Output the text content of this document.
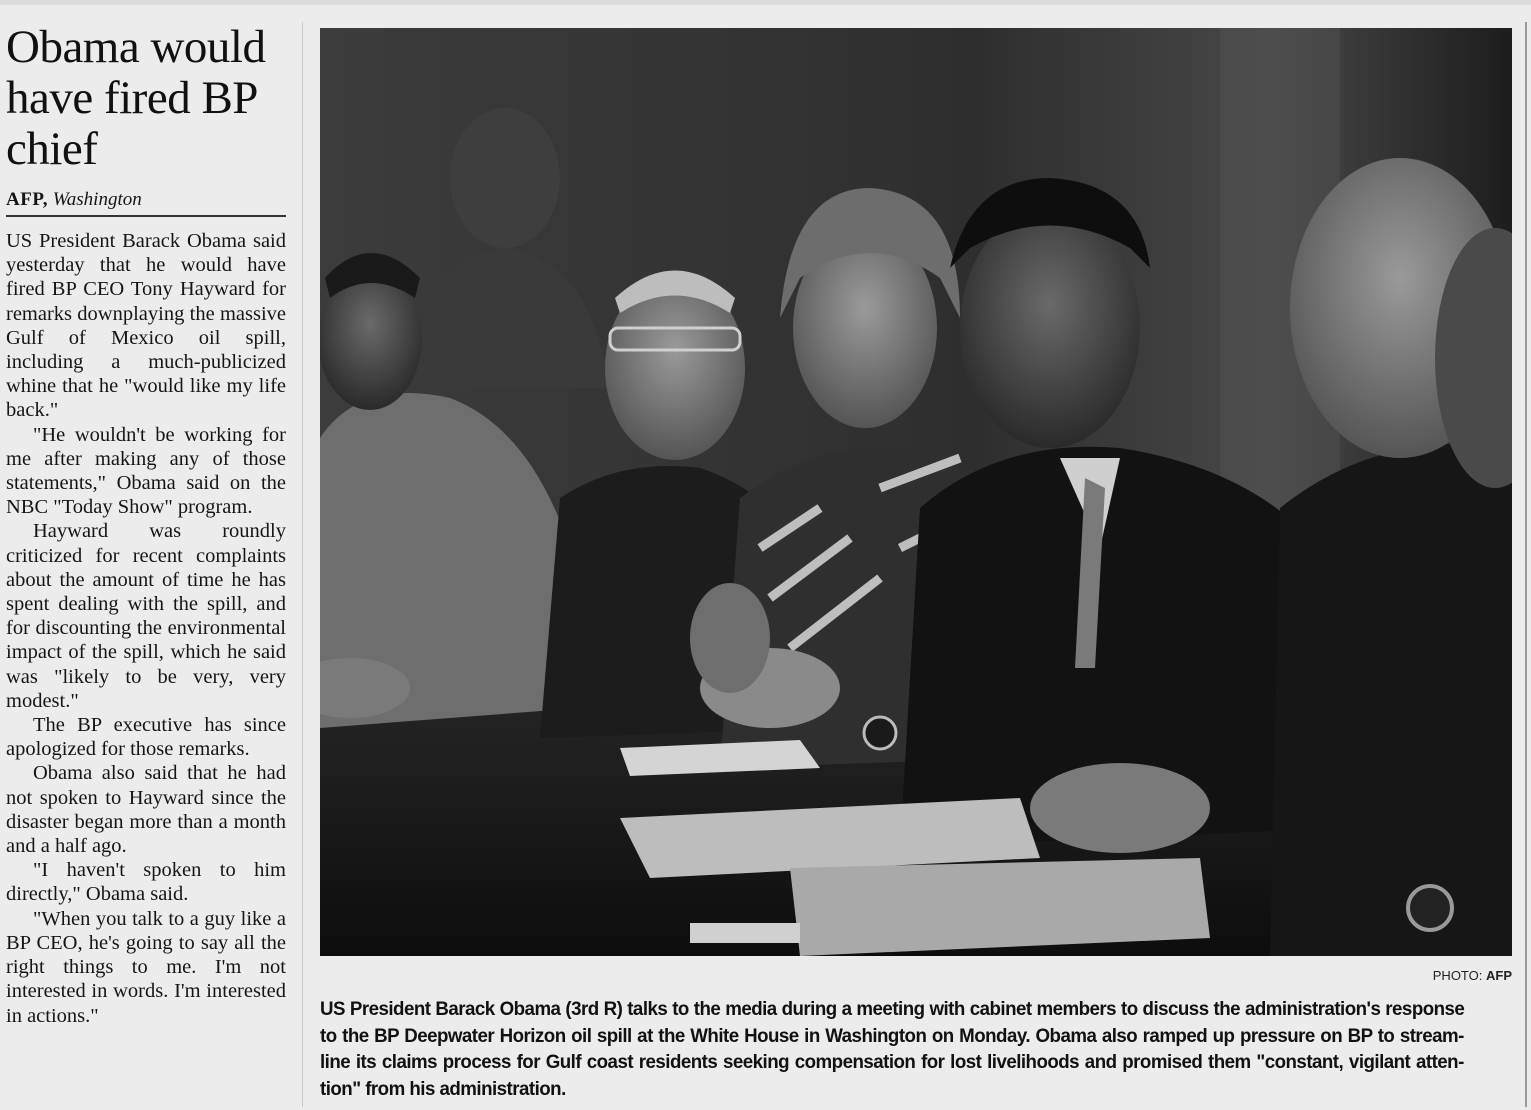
Obama would have fired BP chief
AFP, Washington

US President Barack Obama said yesterday that he would have fired BP CEO Tony Hayward for remarks downplaying the massive Gulf of Mexico oil spill, including a much-publicized whine that he "would like my life back."

"He wouldn't be working for me after making any of those statements," Obama said on the NBC "Today Show" program.

Hayward was roundly criticized for recent complaints about the amount of time he has spent dealing with the spill, and for discounting the environmental impact of the spill, which he said was "likely to be very, very modest."

The BP executive has since apologized for those remarks.

Obama also said that he had not spoken to Hayward since the disaster began more than a month and a half ago.

"I haven't spoken to him directly," Obama said.

"When you talk to a guy like a BP CEO, he's going to say all the right things to me. I'm not interested in words. I'm interested in actions."

PHOTO: AFP
US President Barack Obama (3rd R) talks to the media during a meeting with cabinet members to discuss the administration's response to the BP Deepwater Horizon oil spill at the White House in Washington on Monday. Obama also ramped up pressure on BP to streamline its claims process for Gulf coast residents seeking compensation for lost livelihoods and promised them "constant, vigilant attention" from his administration.
